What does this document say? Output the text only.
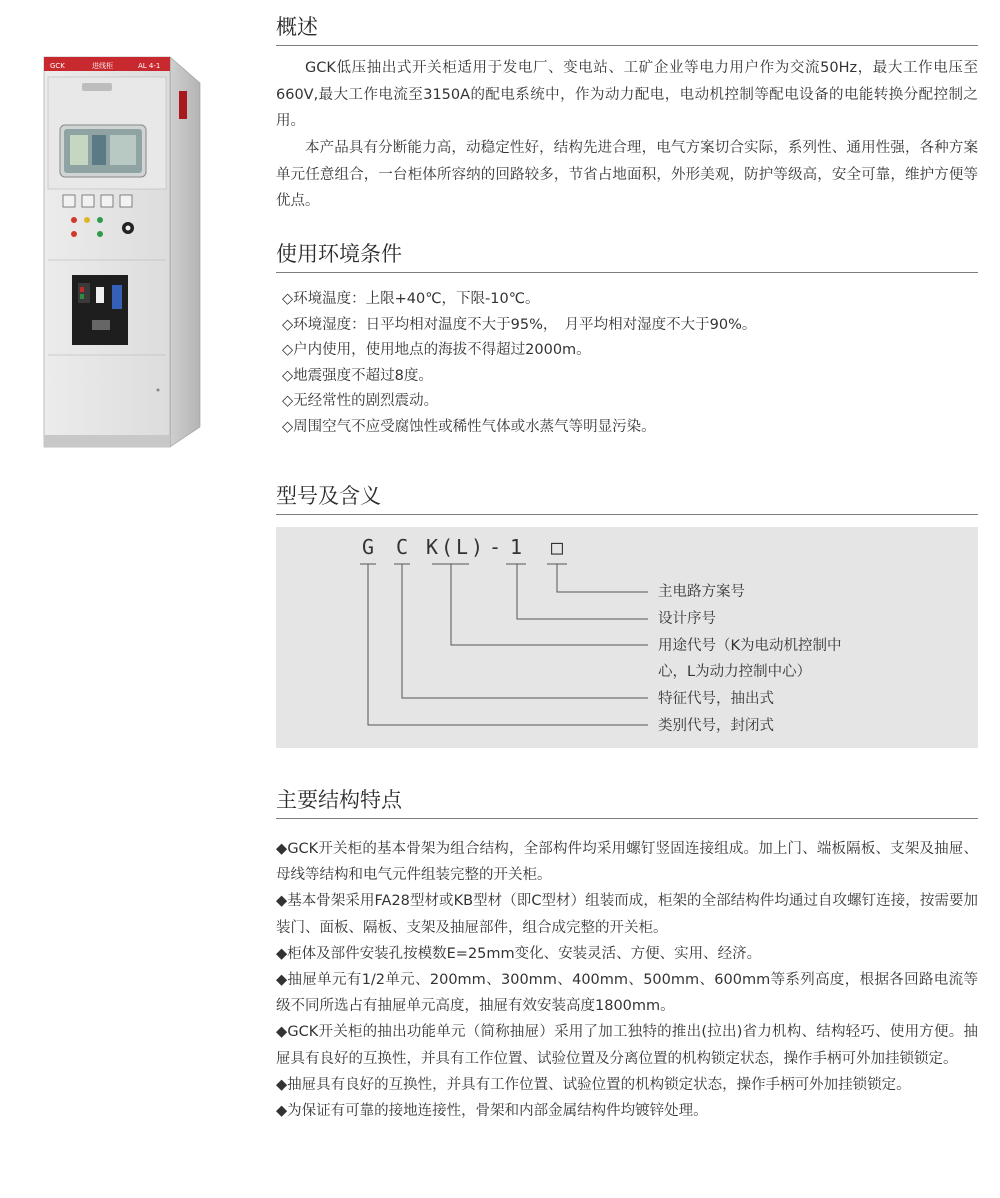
GCK	进线柜	AL 4-1
概述

GCK低压抽出式开关柜适用于发电厂、变电站、工矿企业等电力用户作为交流50Hz，最大工作电压至660V,最大工作电流至3150A的配电系统中，作为动力配电，电动机控制等配电设备的电能转换分配控制之用。

本产品具有分断能力高，动稳定性好，结构先进合理，电气方案切合实际，系列性、通用性强，各种方案单元任意组合，一台柜体所容纳的回路较多，节省占地面积，外形美观，防护等级高，安全可靠，维护方便等优点。

使用环境条件
◇环境温度：上限+40℃，下限-10℃。
◇环境湿度：日平均相对温度不大于95%，　月平均相对湿度不大于90%。
◇户内使用，使用地点的海拔不得超过2000m。
◇地震强度不超过8度。
◇无经常性的剧烈震动。
◇周围空气不应受腐蚀性或稀性气体或水蒸气等明显污染。
型号及含义
G C K ( L ) - 1 □
主电路方案号
设计序号
用途代号（K为电动机控制中
心，L为动力控制中心）
特征代号，抽出式
类别代号，封闭式
主要结构特点
◆GCK开关柜的基本骨架为组合结构，全部构件均采用螺钉竖固连接组成。加上门、端板隔板、支架及抽屉、母线等结构和电气元件组装完整的开关柜。
◆基本骨架采用FA28型材或KB型材（即C型材）组装而成，柜架的全部结构件均通过自攻螺钉连接，按需要加装门、面板、隔板、支架及抽屉部件，组合成完整的开关柜。
◆柜体及部件安装孔按模数E=25mm变化、安装灵活、方便、实用、经济。
◆抽屉单元有1/2单元、200mm、300mm、400mm、500mm、600mm等系列高度，根据各回路电流等级不同所选占有抽屉单元高度，抽屉有效安装高度1800mm。
◆GCK开关柜的抽出功能单元（简称抽屉）采用了加工独特的推出(拉出)省力机构、结构轻巧、使用方便。抽屉具有良好的互换性，并具有工作位置、试验位置及分离位置的机构锁定状态，操作手柄可外加挂锁锁定。
◆抽屉具有良好的互换性，并具有工作位置、试验位置的机构锁定状态，操作手柄可外加挂锁锁定。
◆为保证有可靠的接地连接性，骨架和内部金属结构件均镀锌处理。
